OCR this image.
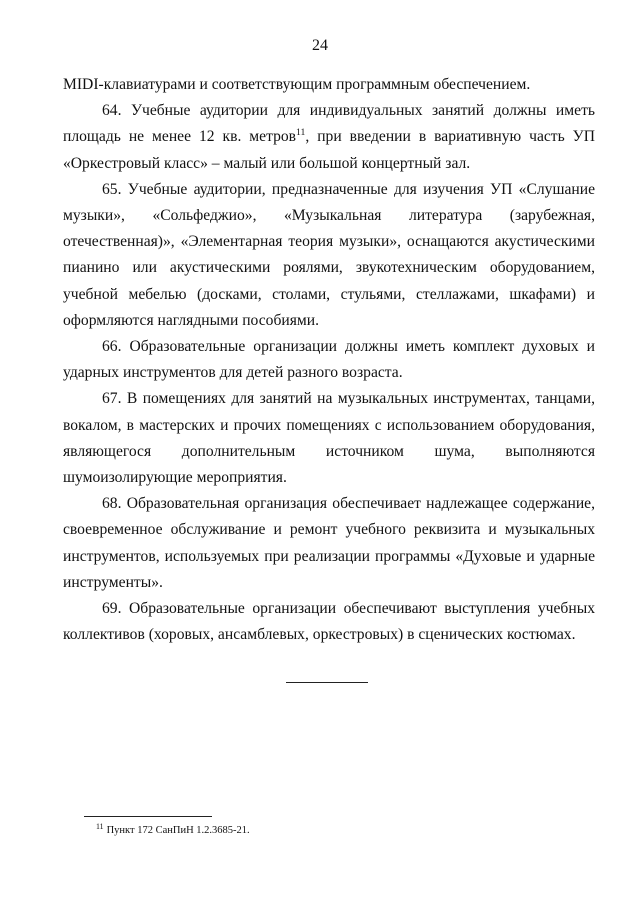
24

MIDI-клавиатурами и соответствующим программным обеспечением.

64. Учебные аудитории для индивидуальных занятий должны иметь площадь не менее 12 кв. метров$^{11}$, при введении в вариативную часть УП «Оркестровый класс» – малый или большой концертный зал.

65. Учебные аудитории, предназначенные для изучения УП «Слушание музыки», «Сольфеджио», «Музыкальная литература (зарубежная, отечественная)», «Элементарная теория музыки», оснащаются акустическими пианино или акустическими роялями, звукотехническим оборудованием, учебной мебелью (досками, столами, стульями, стеллажами, шкафами) и оформляются наглядными пособиями.

66. Образовательные организации должны иметь комплект духовых и ударных инструментов для детей разного возраста.

67. В помещениях для занятий на музыкальных инструментах, танцами, вокалом, в мастерских и прочих помещениях с использованием оборудования, являющегося дополнительным источником шума, выполняются шумоизолирующие мероприятия.

68. Образовательная организация обеспечивает надлежащее содержание, своевременное обслуживание и ремонт учебного реквизита и музыкальных инструментов, используемых при реализации программы «Духовые и ударные инструменты».

69. Образовательные организации обеспечивают выступления учебных коллективов (хоровых, ансамблевых, оркестровых) в сценических костюмах.

$^{11}$ Пункт 172 СанПиН 1.2.3685-21.
